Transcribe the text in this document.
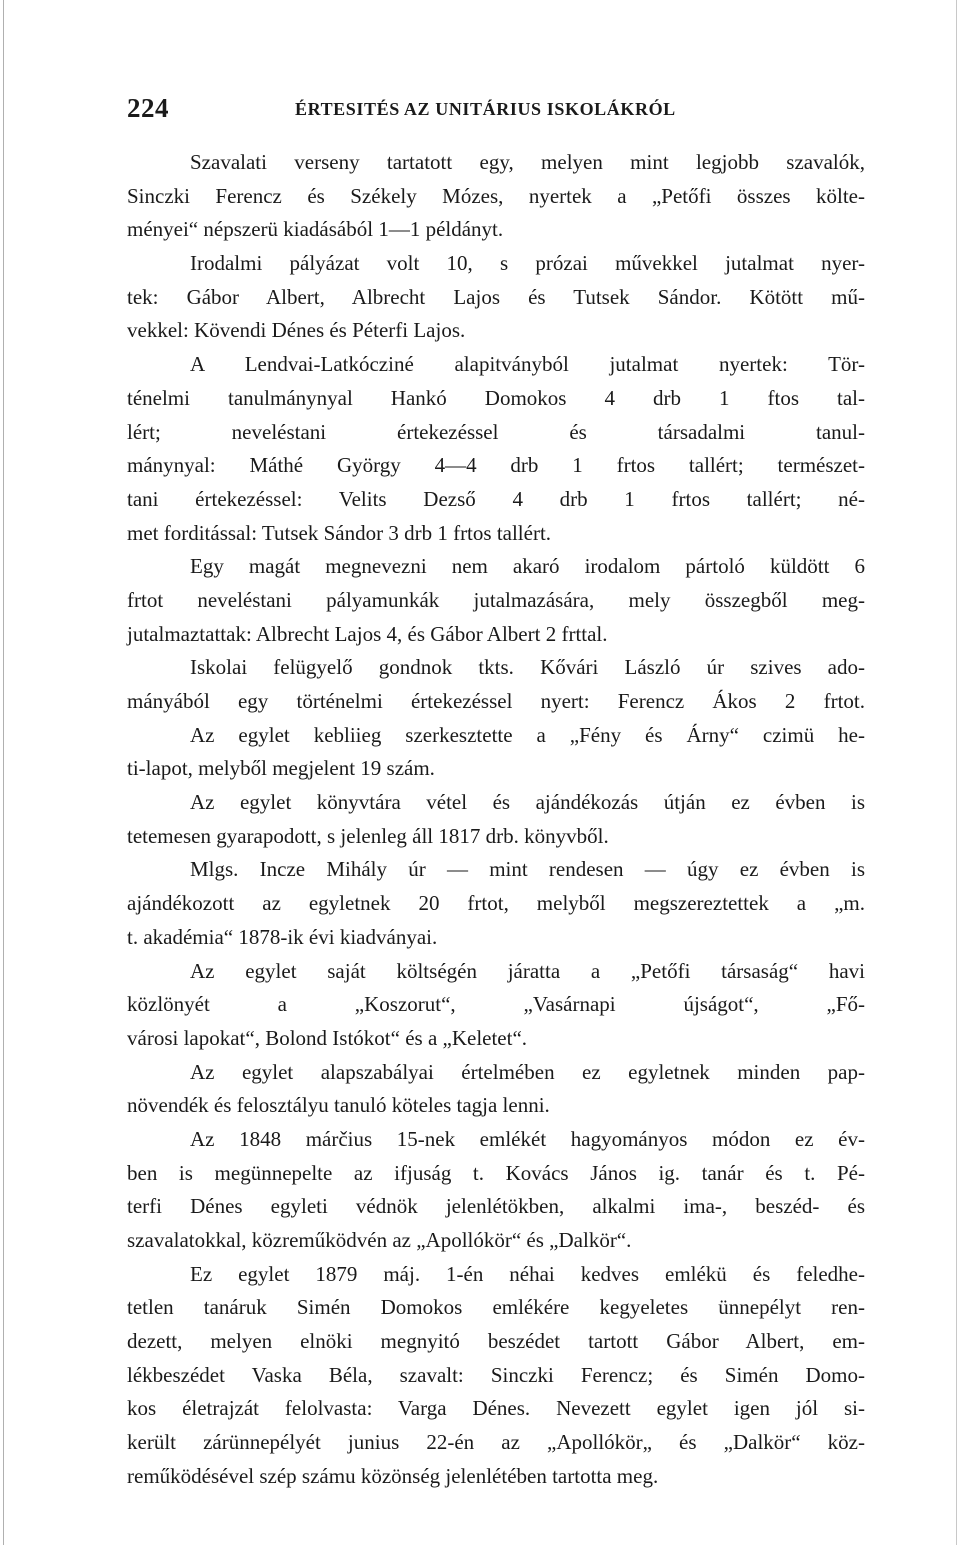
224	ÉRTESITÉS AZ UNITÁRIUS ISKOLÁKRÓL
Szavalati verseny tartatott egy, melyen mint legjobb szavalók,
Sinczki Ferencz és Székely Mózes, nyertek a „Petőfi összes költe-
ményei“ népszerü kiadásából 1—1 példányt.
Irodalmi pályázat volt 10, s prózai művekkel jutalmat nyer-
tek: Gábor Albert, Albrecht Lajos és Tutsek Sándor. Kötött mű-
vekkel: Kövendi Dénes és Péterfi Lajos.
A Lendvai-Latkócziné alapitványból jutalmat nyertek: Tör-
ténelmi tanulmánynyal Hankó Domokos 4 drb 1 ftos tal-
lért; neveléstani értekezéssel és társadalmi tanul-
mánynyal: Máthé György 4—4 drb 1 frtos tallért; természet-
tani értekezéssel: Velits Dezső 4 drb 1 frtos tallért; né-
met forditással: Tutsek Sándor 3 drb 1 frtos tallért.
Egy magát megnevezni nem akaró irodalom pártoló küldött 6
frtot neveléstani pályamunkák jutalmazására, mely összegből meg-
jutalmaztattak: Albrecht Lajos 4, és Gábor Albert 2 frttal.
Iskolai felügyelő gondnok tkts. Kővári László úr szives ado-
mányából egy történelmi értekezéssel nyert: Ferencz Ákos 2 frtot.
Az egylet kebliieg szerkesztette a „Fény és Árny“ czimü he-
ti-lapot, melyből megjelent 19 szám.
Az egylet könyvtára vétel és ajándékozás útján ez évben is
tetemesen gyarapodott, s jelenleg áll 1817 drb. könyvből.
Mlgs. Incze Mihály úr — mint rendesen — úgy ez évben is
ajándékozott az egyletnek 20 frtot, melyből megszereztettek a „m.
t. akadémia“ 1878-ik évi kiadványai.
Az egylet saját költségén járatta a „Petőfi társaság“ havi
közlönyét a „Koszorut“, „Vasárnapi újságot“, „Fő-
városi lapokat“, Bolond Istókot“ és a „Keletet“.
Az egylet alapszabályai értelmében ez egyletnek minden pap-
növendék és felosztályu tanuló köteles tagja lenni.
Az 1848 márčius 15-nek emlékét hagyományos módon ez év-
ben is megünnepelte az ifjuság t. Kovács János ig. tanár és t. Pé-
terfi Dénes egyleti védnök jelenlétökben, alkalmi ima-, beszéd- és
szavalatokkal, közreműködvén az „Apollókör“ és „Dalkör“.
Ez egylet 1879 máj. 1-én néhai kedves emlékü és feledhe-
tetlen tanáruk Simén Domokos emlékére kegyeletes ünnepélyt ren-
dezett, melyen elnöki megnyitó beszédet tartott Gábor Albert, em-
lékbeszédet Vaska Béla, szavalt: Sinczki Ferencz; és Simén Domo-
kos életrajzát felolvasta: Varga Dénes. Nevezett egylet igen jól si-
került zárünnepélyét junius 22-én az „Apollókör„ és „Dalkör“ köz-
reműködésével szép számu közönség jelenlétében tartotta meg.
